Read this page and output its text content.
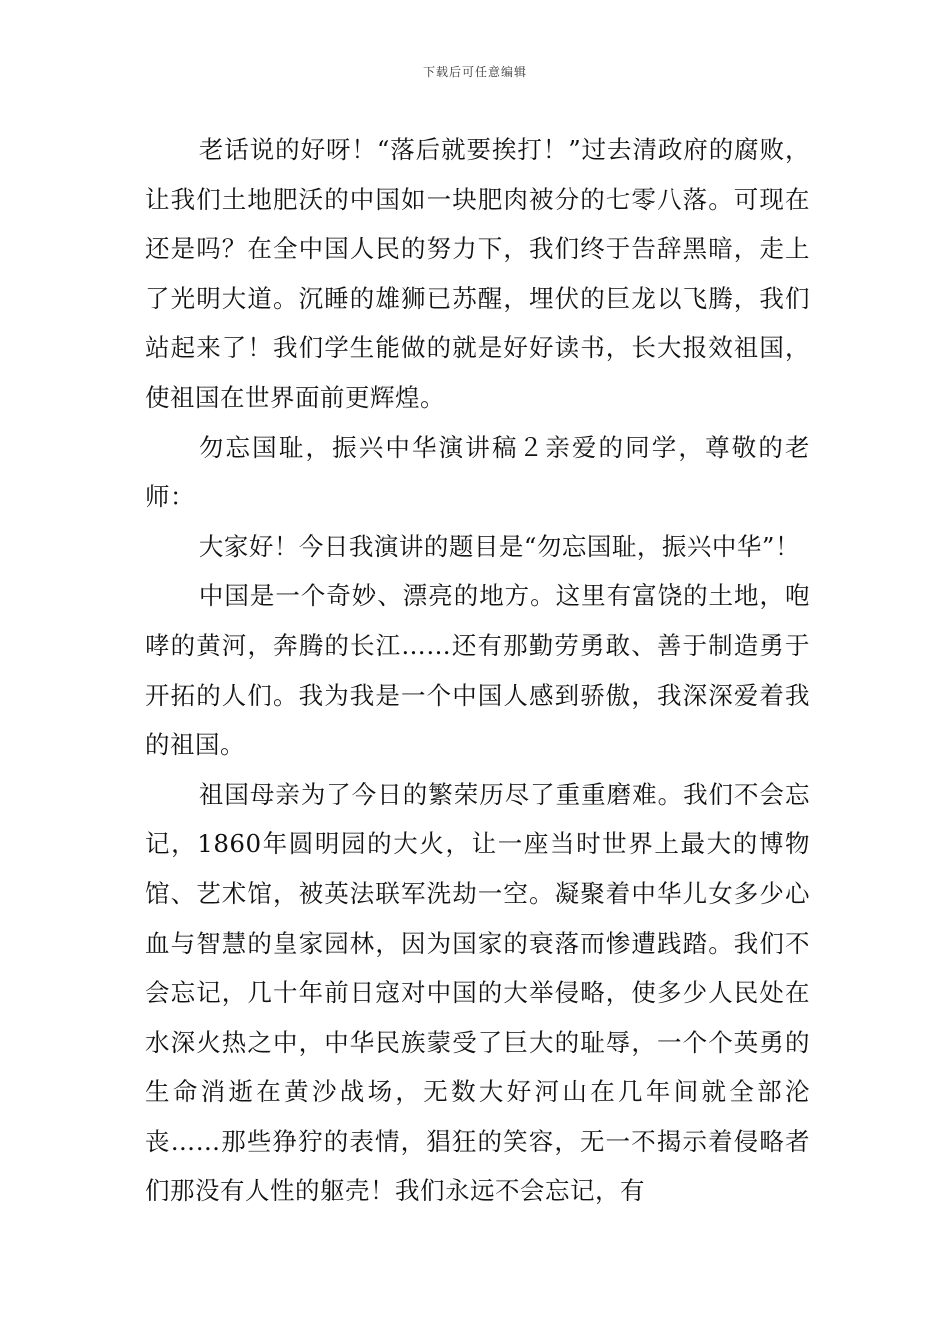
下载后可任意编辑

老话说的好呀！“落后就要挨打！”过去清政府的腐败，让我们土地肥沃的中国如一块肥肉被分的七零八落。可现在还是吗？在全中国人民的努力下，我们终于告辞黑暗，走上了光明大道。沉睡的雄狮已苏醒，埋伏的巨龙以飞腾，我们站起来了！我们学生能做的就是好好读书，长大报效祖国，使祖国在世界面前更辉煌。

勿忘国耻，振兴中华演讲稿２亲爱的同学，尊敬的老师：

大家好！今日我演讲的题目是“勿忘国耻，振兴中华”！

中国是一个奇妙、漂亮的地方。这里有富饶的土地，咆哮的黄河，奔腾的长江……还有那勤劳勇敢、善于制造勇于开拓的人们。我为我是一个中国人感到骄傲，我深深爱着我的祖国。

祖国母亲为了今日的繁荣历尽了重重磨难。我们不会忘记，1860年圆明园的大火，让一座当时世界上最大的博物馆、艺术馆，被英法联军洗劫一空。凝聚着中华儿女多少心血与智慧的皇家园林，因为国家的衰落而惨遭践踏。我们不会忘记，几十年前日寇对中国的大举侵略，使多少人民处在水深火热之中，中华民族蒙受了巨大的耻辱，一个个英勇的生命消逝在黄沙战场，无数大好河山在几年间就全部沦丧……那些狰狞的表情，猖狂的笑容，无一不揭示着侵略者们那没有人性的躯壳！我们永远不会忘记，有
